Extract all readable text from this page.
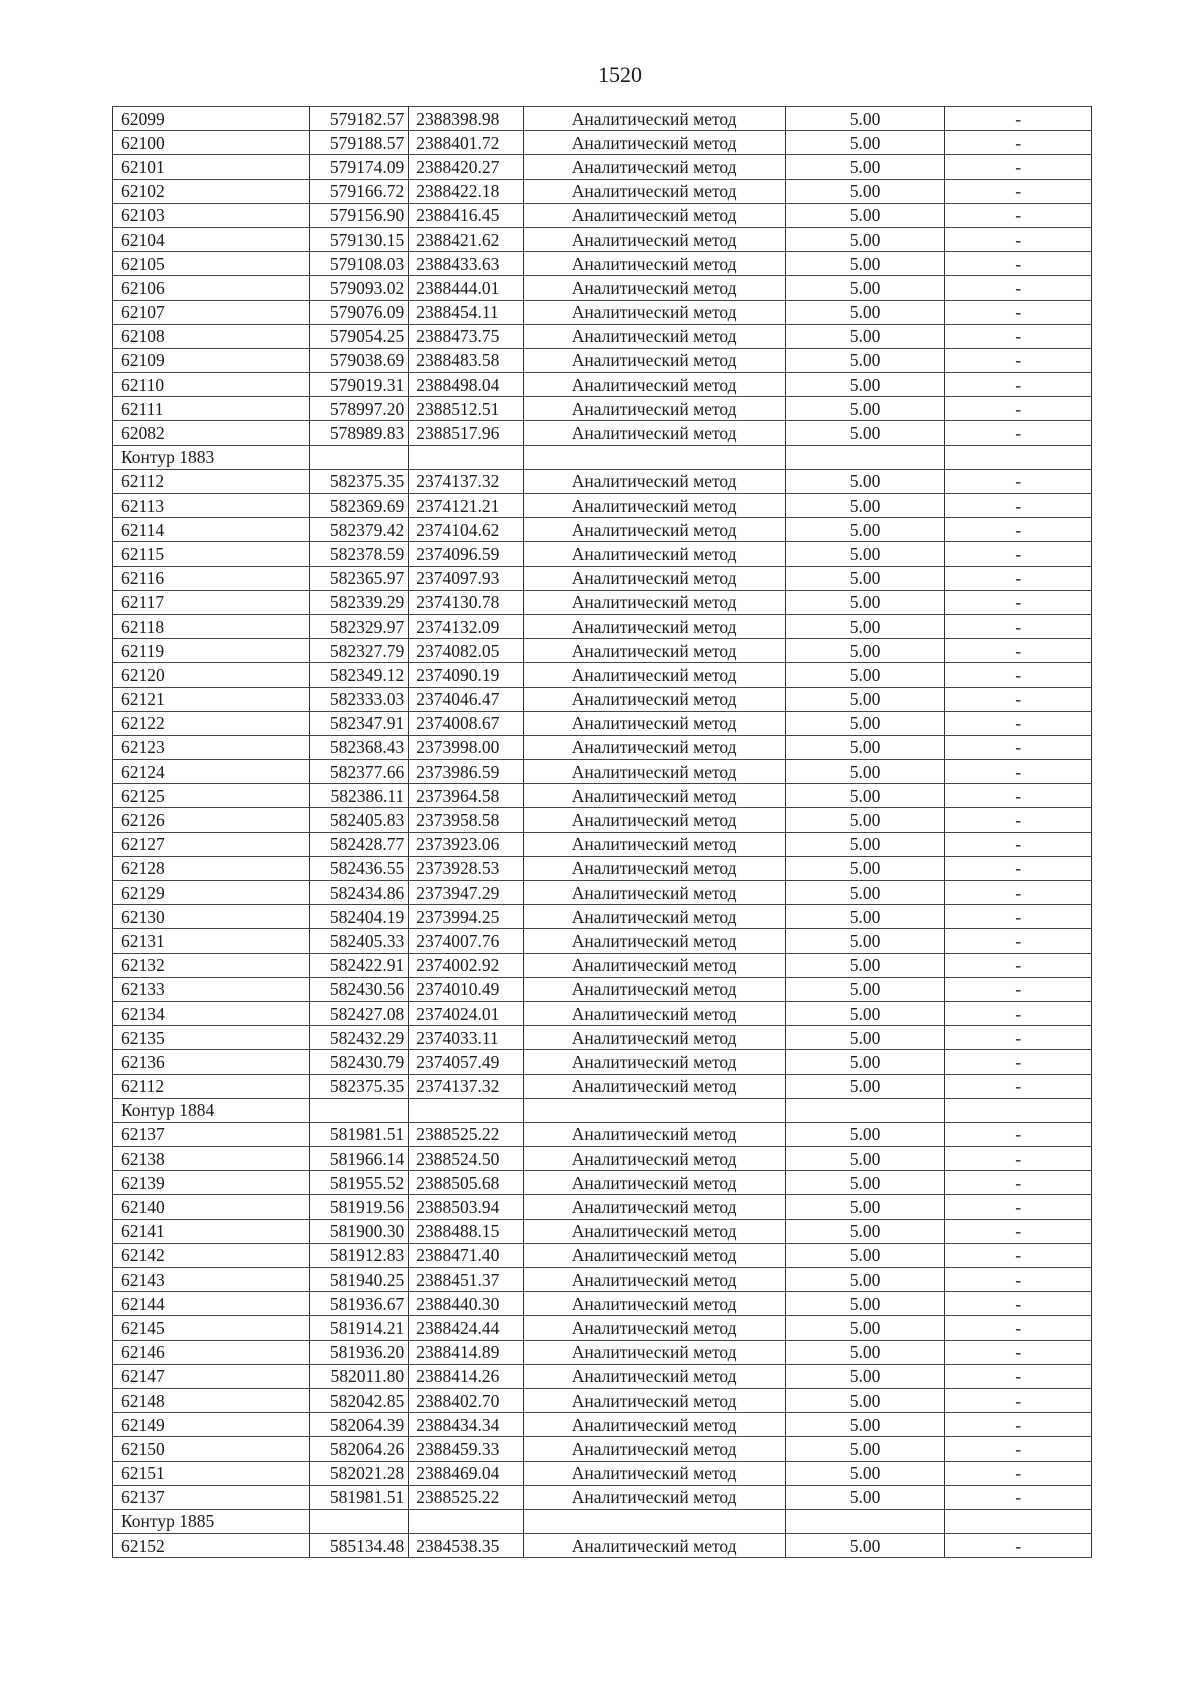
1520
62099	579182.57	2388398.98	Аналитический метод	5.00	-
62100	579188.57	2388401.72	Аналитический метод	5.00	-
62101	579174.09	2388420.27	Аналитический метод	5.00	-
62102	579166.72	2388422.18	Аналитический метод	5.00	-
62103	579156.90	2388416.45	Аналитический метод	5.00	-
62104	579130.15	2388421.62	Аналитический метод	5.00	-
62105	579108.03	2388433.63	Аналитический метод	5.00	-
62106	579093.02	2388444.01	Аналитический метод	5.00	-
62107	579076.09	2388454.11	Аналитический метод	5.00	-
62108	579054.25	2388473.75	Аналитический метод	5.00	-
62109	579038.69	2388483.58	Аналитический метод	5.00	-
62110	579019.31	2388498.04	Аналитический метод	5.00	-
62111	578997.20	2388512.51	Аналитический метод	5.00	-
62082	578989.83	2388517.96	Аналитический метод	5.00	-
Контур 1883					
62112	582375.35	2374137.32	Аналитический метод	5.00	-
62113	582369.69	2374121.21	Аналитический метод	5.00	-
62114	582379.42	2374104.62	Аналитический метод	5.00	-
62115	582378.59	2374096.59	Аналитический метод	5.00	-
62116	582365.97	2374097.93	Аналитический метод	5.00	-
62117	582339.29	2374130.78	Аналитический метод	5.00	-
62118	582329.97	2374132.09	Аналитический метод	5.00	-
62119	582327.79	2374082.05	Аналитический метод	5.00	-
62120	582349.12	2374090.19	Аналитический метод	5.00	-
62121	582333.03	2374046.47	Аналитический метод	5.00	-
62122	582347.91	2374008.67	Аналитический метод	5.00	-
62123	582368.43	2373998.00	Аналитический метод	5.00	-
62124	582377.66	2373986.59	Аналитический метод	5.00	-
62125	582386.11	2373964.58	Аналитический метод	5.00	-
62126	582405.83	2373958.58	Аналитический метод	5.00	-
62127	582428.77	2373923.06	Аналитический метод	5.00	-
62128	582436.55	2373928.53	Аналитический метод	5.00	-
62129	582434.86	2373947.29	Аналитический метод	5.00	-
62130	582404.19	2373994.25	Аналитический метод	5.00	-
62131	582405.33	2374007.76	Аналитический метод	5.00	-
62132	582422.91	2374002.92	Аналитический метод	5.00	-
62133	582430.56	2374010.49	Аналитический метод	5.00	-
62134	582427.08	2374024.01	Аналитический метод	5.00	-
62135	582432.29	2374033.11	Аналитический метод	5.00	-
62136	582430.79	2374057.49	Аналитический метод	5.00	-
62112	582375.35	2374137.32	Аналитический метод	5.00	-
Контур 1884					
62137	581981.51	2388525.22	Аналитический метод	5.00	-
62138	581966.14	2388524.50	Аналитический метод	5.00	-
62139	581955.52	2388505.68	Аналитический метод	5.00	-
62140	581919.56	2388503.94	Аналитический метод	5.00	-
62141	581900.30	2388488.15	Аналитический метод	5.00	-
62142	581912.83	2388471.40	Аналитический метод	5.00	-
62143	581940.25	2388451.37	Аналитический метод	5.00	-
62144	581936.67	2388440.30	Аналитический метод	5.00	-
62145	581914.21	2388424.44	Аналитический метод	5.00	-
62146	581936.20	2388414.89	Аналитический метод	5.00	-
62147	582011.80	2388414.26	Аналитический метод	5.00	-
62148	582042.85	2388402.70	Аналитический метод	5.00	-
62149	582064.39	2388434.34	Аналитический метод	5.00	-
62150	582064.26	2388459.33	Аналитический метод	5.00	-
62151	582021.28	2388469.04	Аналитический метод	5.00	-
62137	581981.51	2388525.22	Аналитический метод	5.00	-
Контур 1885					
62152	585134.48	2384538.35	Аналитический метод	5.00	-
